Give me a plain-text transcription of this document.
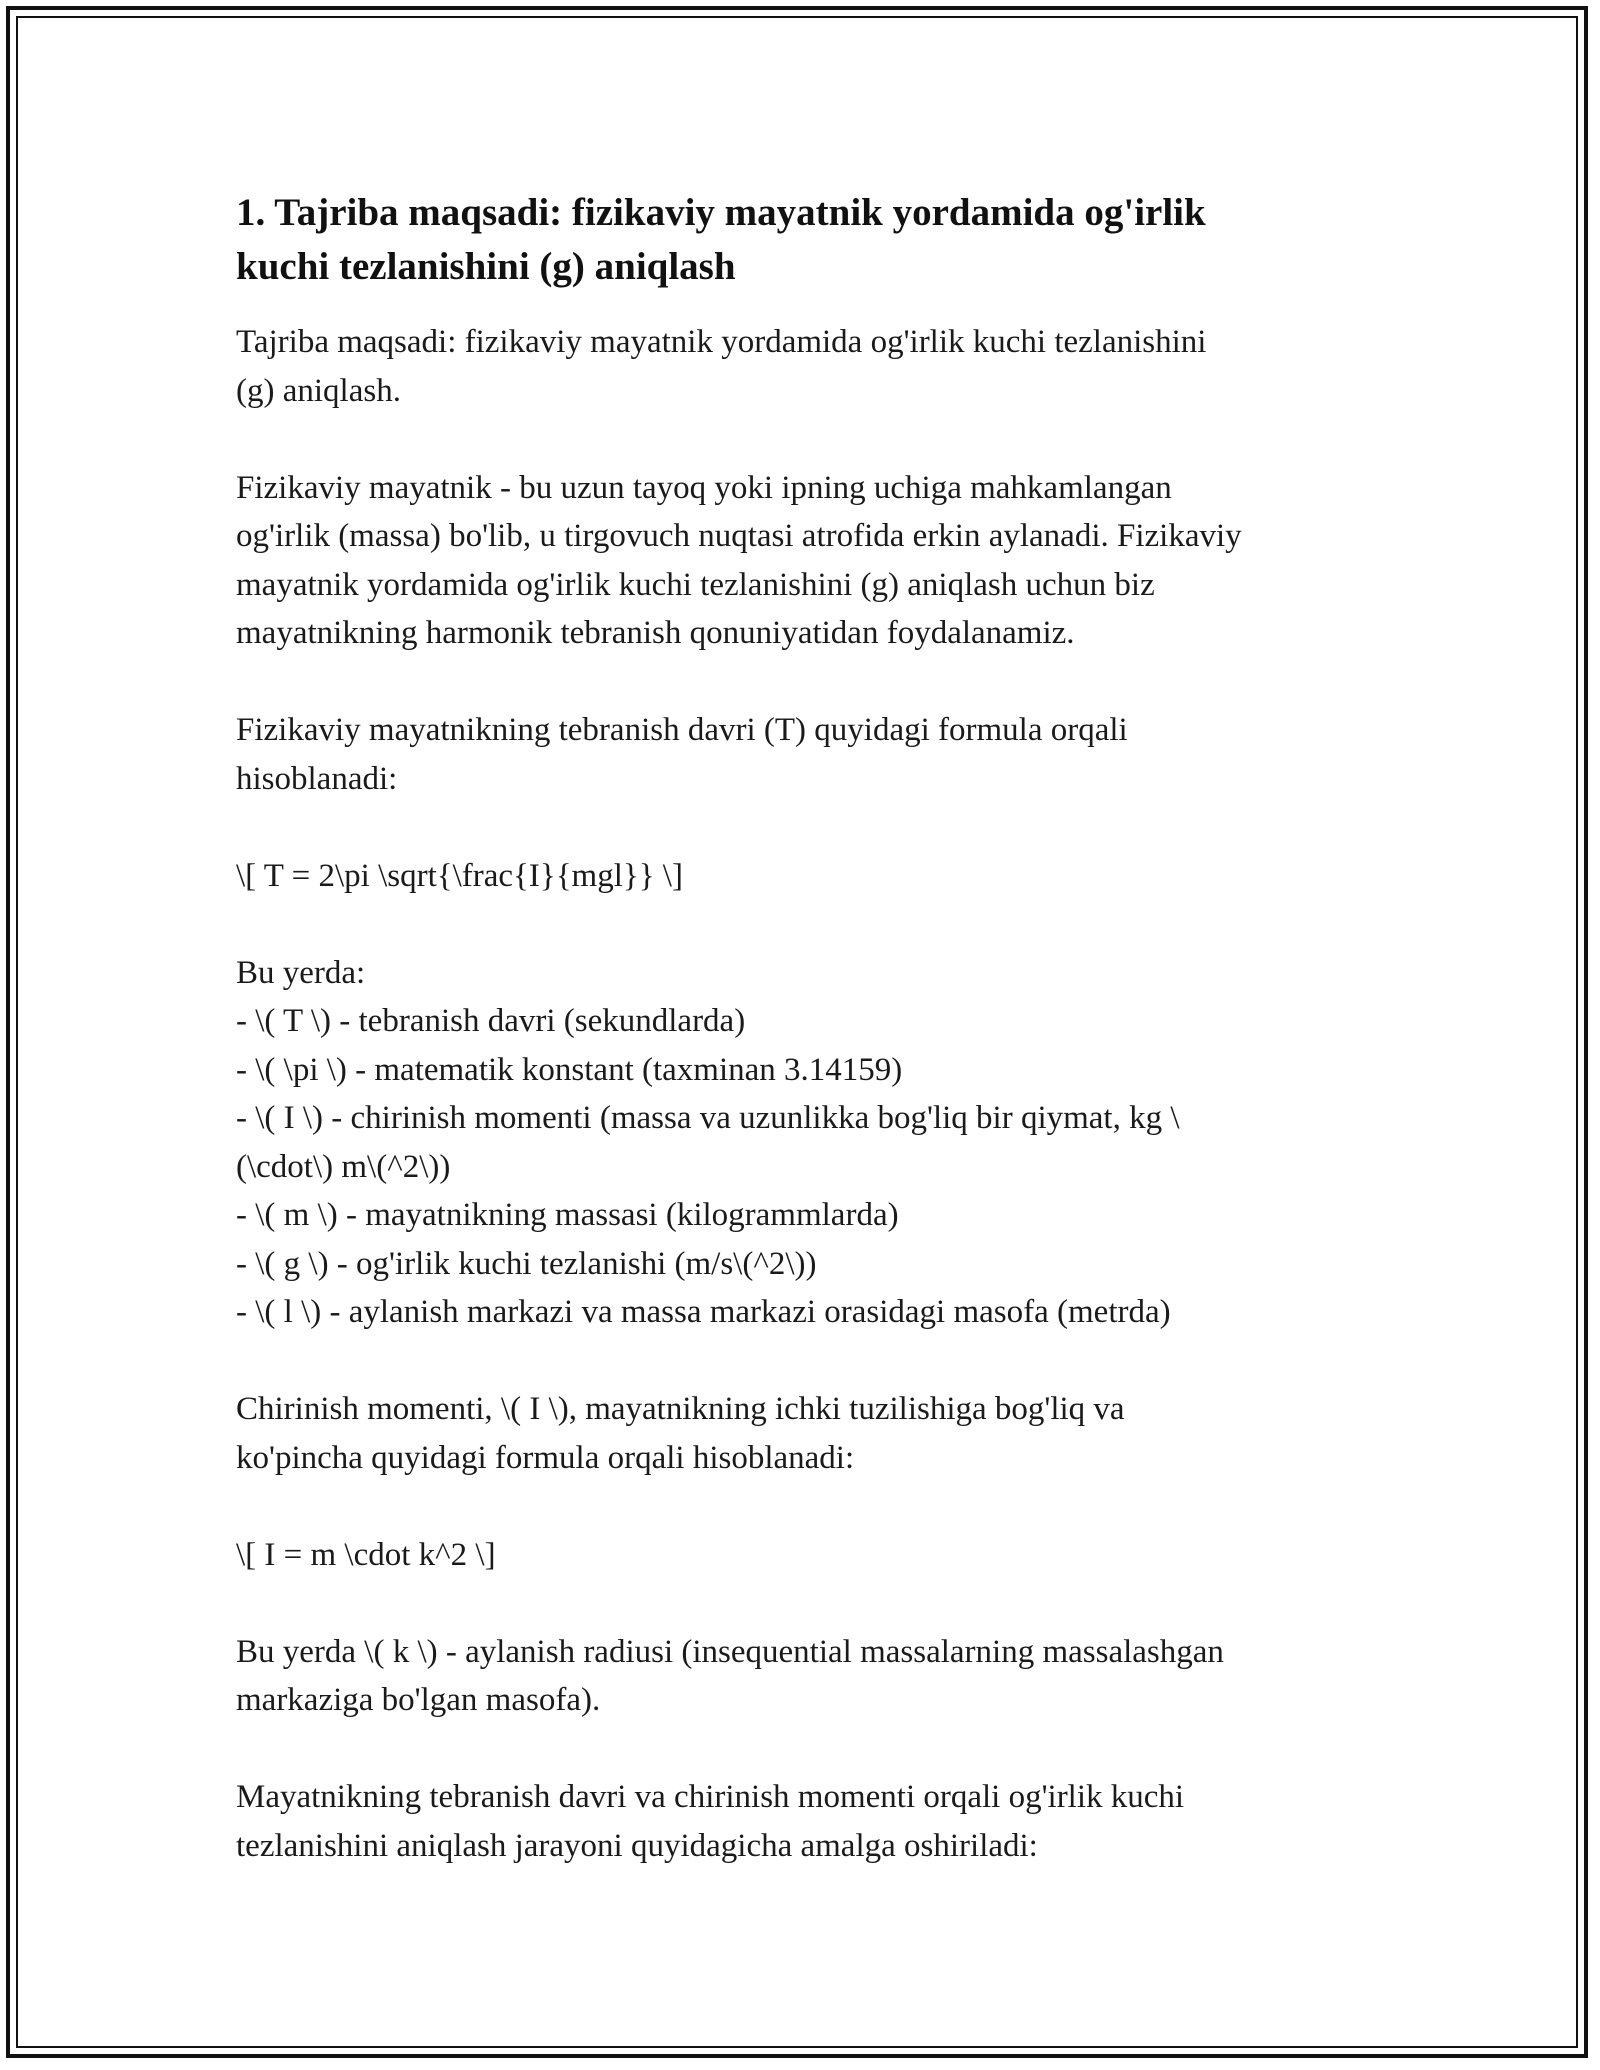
1. Tajriba maqsadi: fizikaviy mayatnik yordamida og'irlik
kuchi tezlanishini (g) aniqlash

Tajriba maqsadi: fizikaviy mayatnik yordamida og'irlik kuchi tezlanishini
(g) aniqlash.

Fizikaviy mayatnik - bu uzun tayoq yoki ipning uchiga mahkamlangan
og'irlik (massa) bo'lib, u tirgovuch nuqtasi atrofida erkin aylanadi. Fizikaviy
mayatnik yordamida og'irlik kuchi tezlanishini (g) aniqlash uchun biz
mayatnikning harmonik tebranish qonuniyatidan foydalanamiz.

Fizikaviy mayatnikning tebranish davri (T) quyidagi formula orqali
hisoblanadi:

\[ T = 2\pi \sqrt{\frac{I}{mgl}} \]

Bu yerda:
- \( T \) - tebranish davri (sekundlarda)
- \( \pi \) - matematik konstant (taxminan 3.14159)
- \( I \) - chirinish momenti (massa va uzunlikka bog'liq bir qiymat, kg \
(\cdot\) m\(^2\))
- \( m \) - mayatnikning massasi (kilogrammlarda)
- \( g \) - og'irlik kuchi tezlanishi (m/s\(^2\))
- \( l \) - aylanish markazi va massa markazi orasidagi masofa (metrda)

Chirinish momenti, \( I \), mayatnikning ichki tuzilishiga bog'liq va
ko'pincha quyidagi formula orqali hisoblanadi:

\[ I = m \cdot k^2 \]

Bu yerda \( k \) - aylanish radiusi (insequential massalarning massalashgan
markaziga bo'lgan masofa).

Mayatnikning tebranish davri va chirinish momenti orqali og'irlik kuchi
tezlanishini aniqlash jarayoni quyidagicha amalga oshiriladi:
